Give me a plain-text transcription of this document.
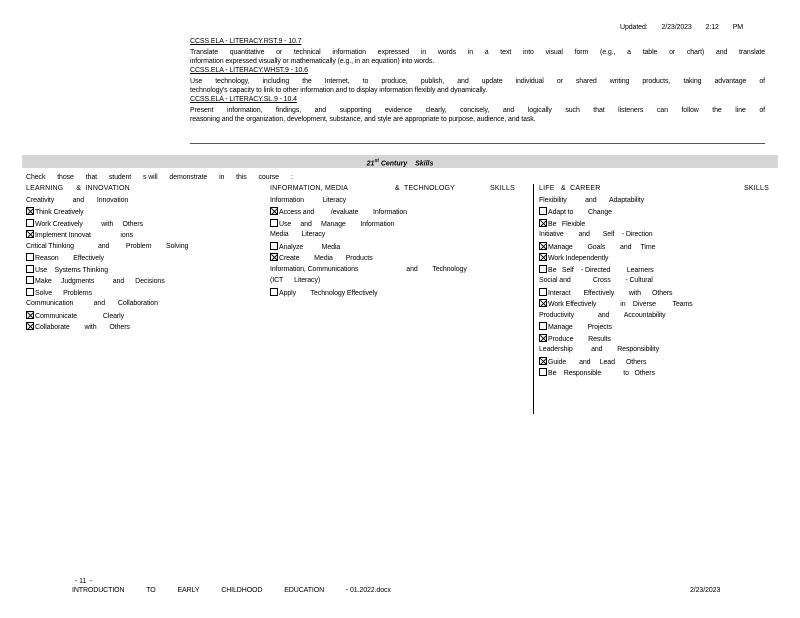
Updated: 2/23/2023 2:12 PM
CCSS.ELA - LITERACY.RST.9 - 10.7
Translate quantitative or technical information expressed in words in a text into visual form (e.g., a table or chart) and translate
information expressed visually or mathematically (e.g., in an equation) into words.
CCSS.ELA - LITERACY.WHST.9 - 10.6
Use technology, including the Internet, to produce, publish, and update individual or shared writing products, taking advantage of
technology's capacity to link to other information and to display information flexibly and dynamically.
CCSS.ELA - LITERACY.SL.9 - 10.4
Present information, findings, and supporting evidence clearly, concisely, and logically such that listeners can follow the line of
reasoning and the organization, development, substance, and style are appropriate to purpose, audience, and task.
21st Century    Skills
Check those that student s will demonstrate in this course :
LEARNING      &  INNOVATION
Creativity          and       Innovation
Think Creatively
Work Creatively          with     Others
Implement Innovat                ions
Critical Thinking             and         Problem        Solving
Reason        Effectively
Use    Systems Thinking
Make     Judgments          and      Decisions
Solve      Problems
Communication           and       Collaboration
Communicate              Clearly
Collaborate        with       Others
INFORMATION, MEDIA                      &  TECHNOLOGY	SKILLS
Information          Literacy
Access and         /evaluate        Information
Use     and     Manage        Information
Media       Literacy
Analyze          Media
Create        Media       Products
Information, Communications                          and        Technology
(ICT      Literacy)
Apply        Technology Effectively
LIFE   &  CAREER	SKILLS
Flexibility          and       Adaptability
Adapt to        Change
Be   Flexible
Initiative        and       Self    - Direction
Manage        Goals        and     Time
Work Independently
Be   Self    - Directed         Learners
Social and            Cross        - Cultural
Interact       Effectively        with      Others
Work Effectively             in    Diverse         Teams
Productivity             and        Accountability
Manage        Projects
Produce        Results
Leadership          and        Responsibility
Guide       and     Lead      Others
Be    Responsible            to   Others
- 11  -
INTRODUCTION	TO	EARLY	CHILDHOOD	EDUCATION	- 01.2022.docx	2/23/2023
